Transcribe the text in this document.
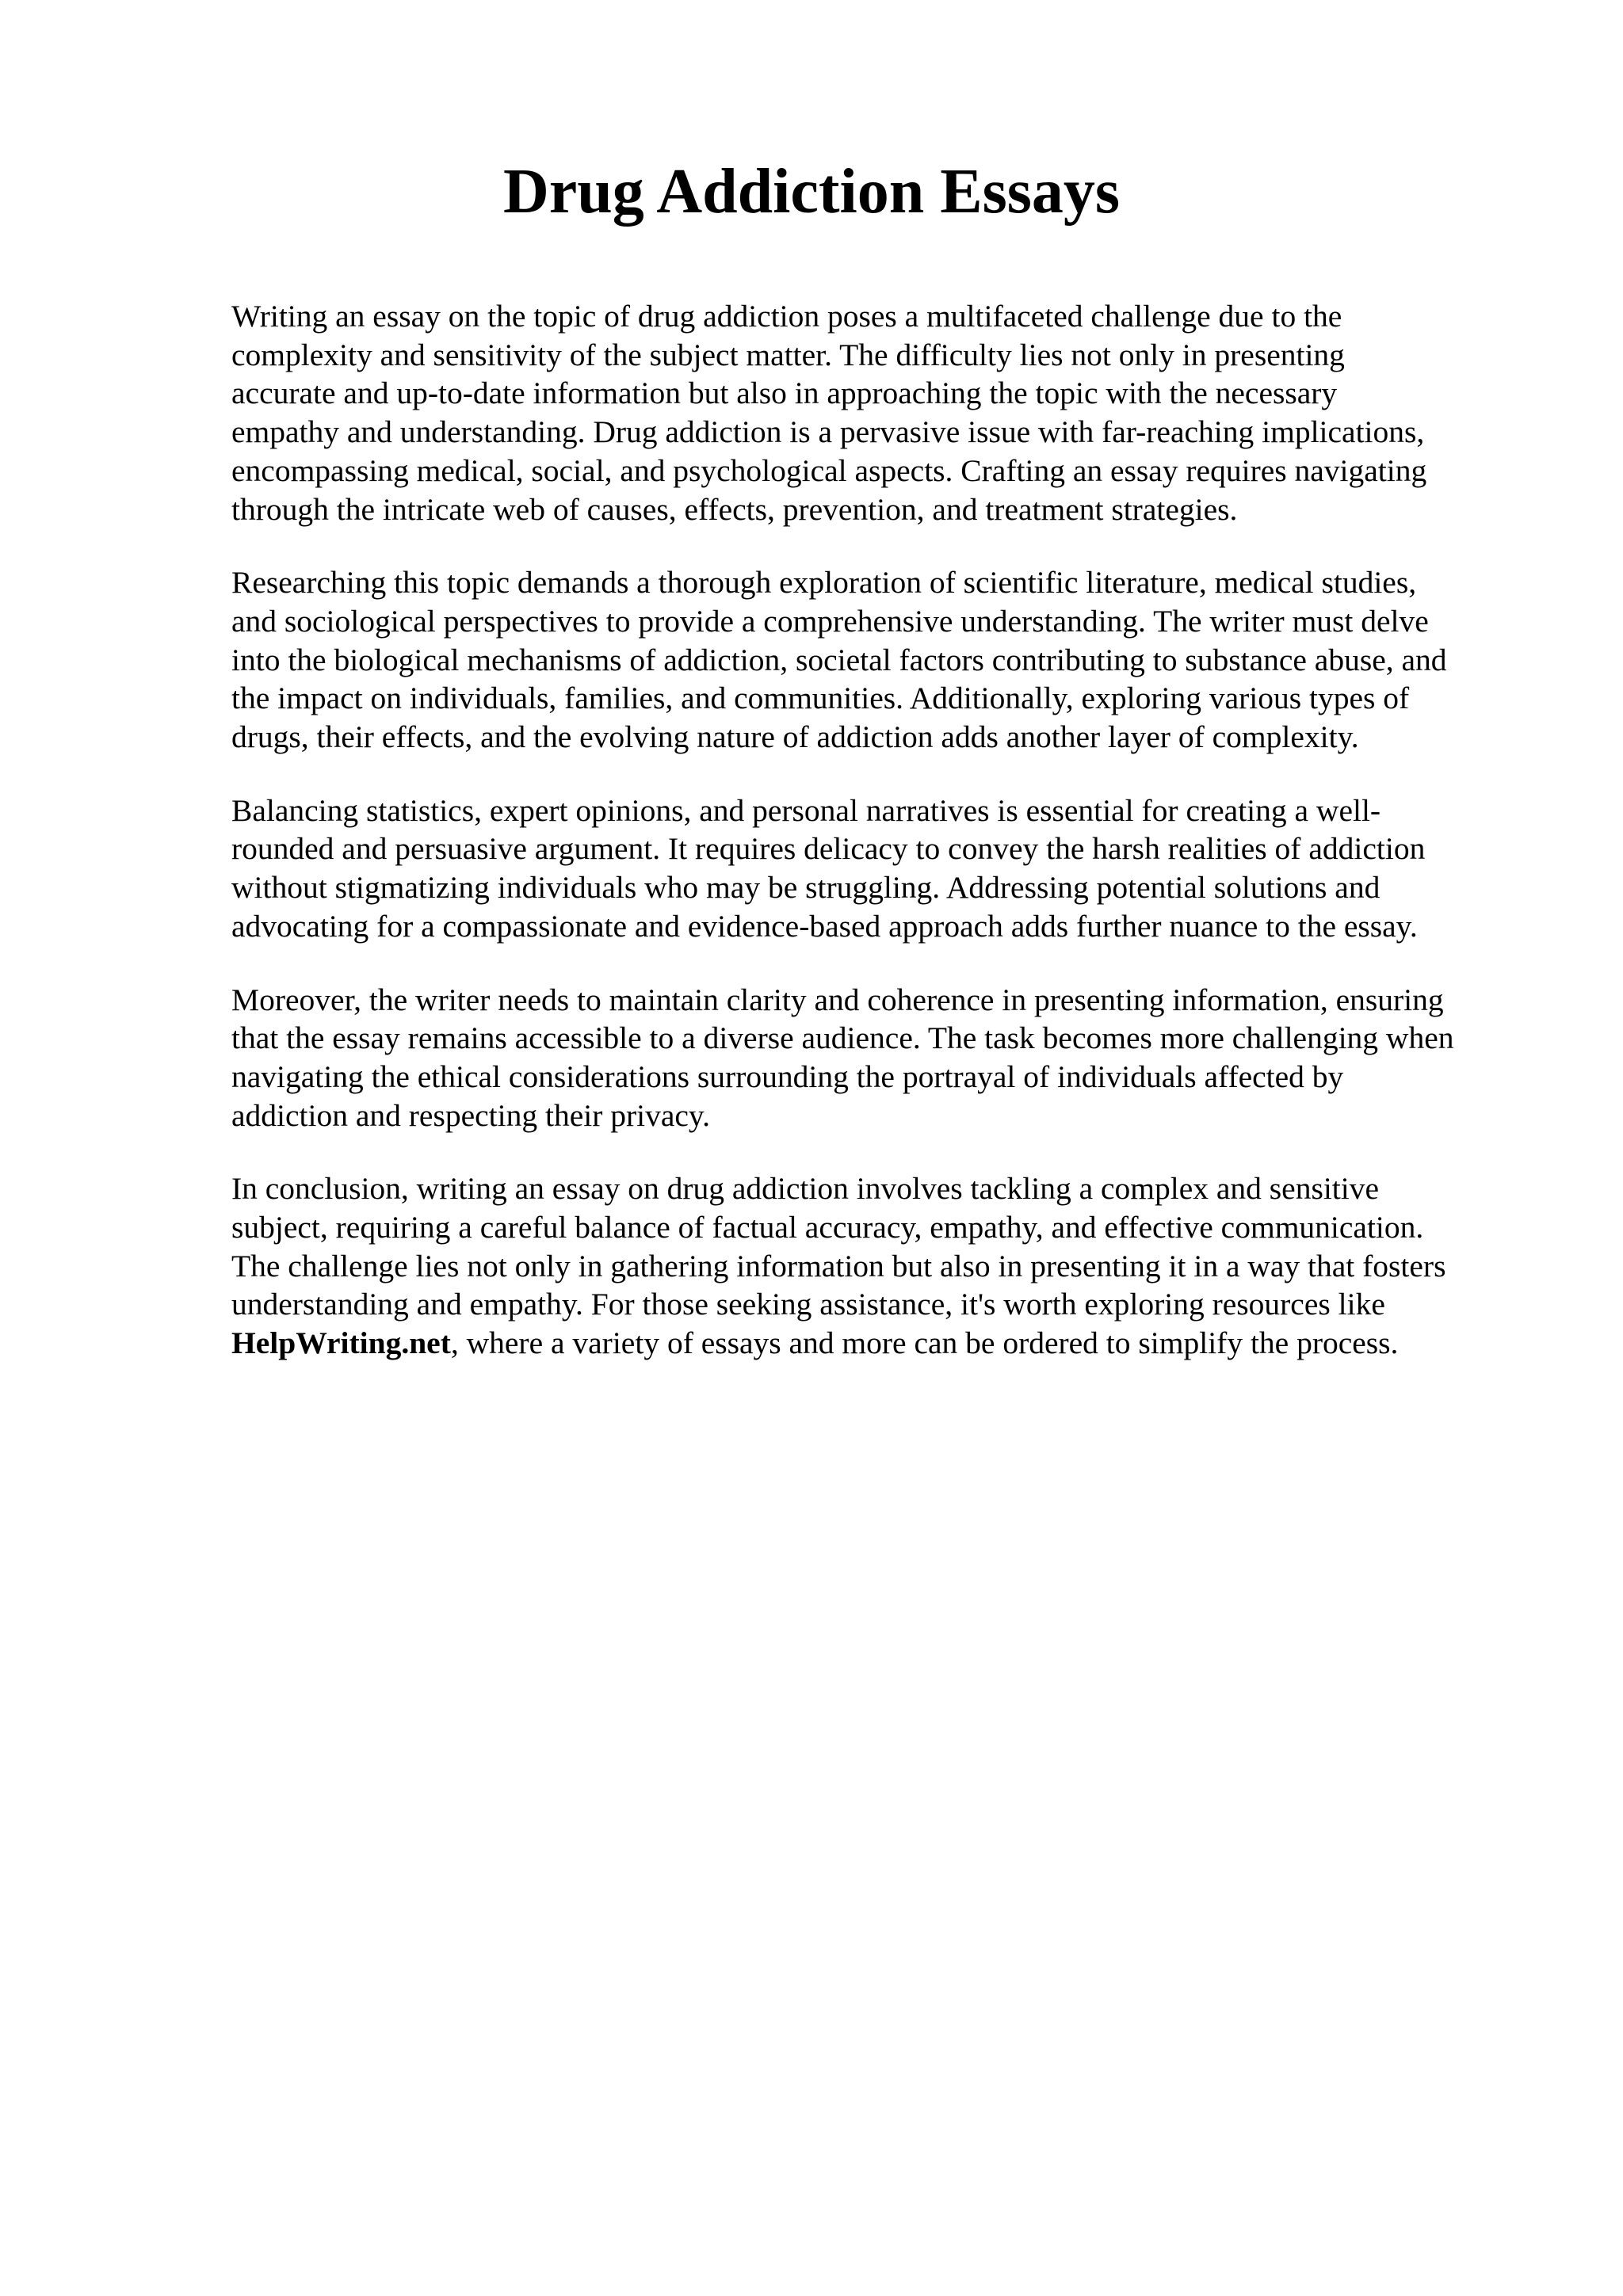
Drug Addiction Essays

Writing an essay on the topic of drug addiction poses a multifaceted challenge due to the
complexity and sensitivity of the subject matter. The difficulty lies not only in presenting
accurate and up-to-date information but also in approaching the topic with the necessary
empathy and understanding. Drug addiction is a pervasive issue with far-reaching implications,
encompassing medical, social, and psychological aspects. Crafting an essay requires navigating
through the intricate web of causes, effects, prevention, and treatment strategies.

Researching this topic demands a thorough exploration of scientific literature, medical studies,
and sociological perspectives to provide a comprehensive understanding. The writer must delve
into the biological mechanisms of addiction, societal factors contributing to substance abuse, and
the impact on individuals, families, and communities. Additionally, exploring various types of
drugs, their effects, and the evolving nature of addiction adds another layer of complexity.

Balancing statistics, expert opinions, and personal narratives is essential for creating a well-
rounded and persuasive argument. It requires delicacy to convey the harsh realities of addiction
without stigmatizing individuals who may be struggling. Addressing potential solutions and
advocating for a compassionate and evidence-based approach adds further nuance to the essay.

Moreover, the writer needs to maintain clarity and coherence in presenting information, ensuring
that the essay remains accessible to a diverse audience. The task becomes more challenging when
navigating the ethical considerations surrounding the portrayal of individuals affected by
addiction and respecting their privacy.

In conclusion, writing an essay on drug addiction involves tackling a complex and sensitive
subject, requiring a careful balance of factual accuracy, empathy, and effective communication.
The challenge lies not only in gathering information but also in presenting it in a way that fosters
understanding and empathy. For those seeking assistance, it's worth exploring resources like
HelpWriting.net, where a variety of essays and more can be ordered to simplify the process.
